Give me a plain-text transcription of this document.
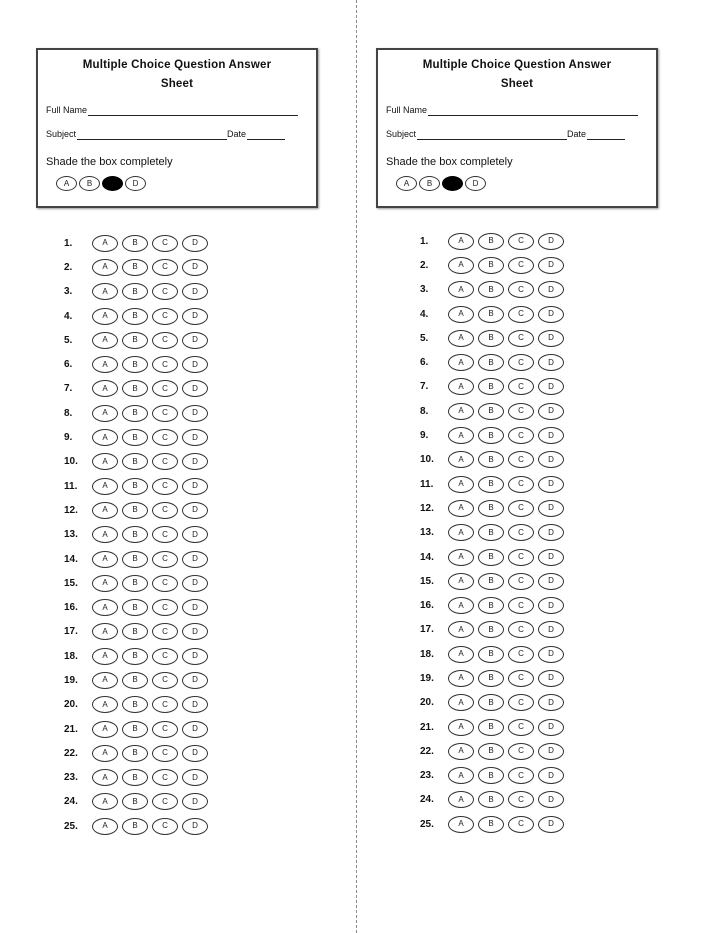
Multiple Choice Question Answer
Sheet
Full Name
Subject	Date
Shade the box completely
A	B	D
1.	A	B	C	D
2.	A	B	C	D
3.	A	B	C	D
4.	A	B	C	D
5.	A	B	C	D
6.	A	B	C	D
7.	A	B	C	D
8.	A	B	C	D
9.	A	B	C	D
10.	A	B	C	D
11.	A	B	C	D
12.	A	B	C	D
13.	A	B	C	D
14.	A	B	C	D
15.	A	B	C	D
16.	A	B	C	D
17.	A	B	C	D
18.	A	B	C	D
19.	A	B	C	D
20.	A	B	C	D
21.	A	B	C	D
22.	A	B	C	D
23.	A	B	C	D
24.	A	B	C	D
25.	A	B	C	D
Multiple Choice Question Answer
Sheet
Full Name
Subject	Date
Shade the box completely
A	B	D
1.	A	B	C	D
2.	A	B	C	D
3.	A	B	C	D
4.	A	B	C	D
5.	A	B	C	D
6.	A	B	C	D
7.	A	B	C	D
8.	A	B	C	D
9.	A	B	C	D
10.	A	B	C	D
11.	A	B	C	D
12.	A	B	C	D
13.	A	B	C	D
14.	A	B	C	D
15.	A	B	C	D
16.	A	B	C	D
17.	A	B	C	D
18.	A	B	C	D
19.	A	B	C	D
20.	A	B	C	D
21.	A	B	C	D
22.	A	B	C	D
23.	A	B	C	D
24.	A	B	C	D
25.	A	B	C	D
